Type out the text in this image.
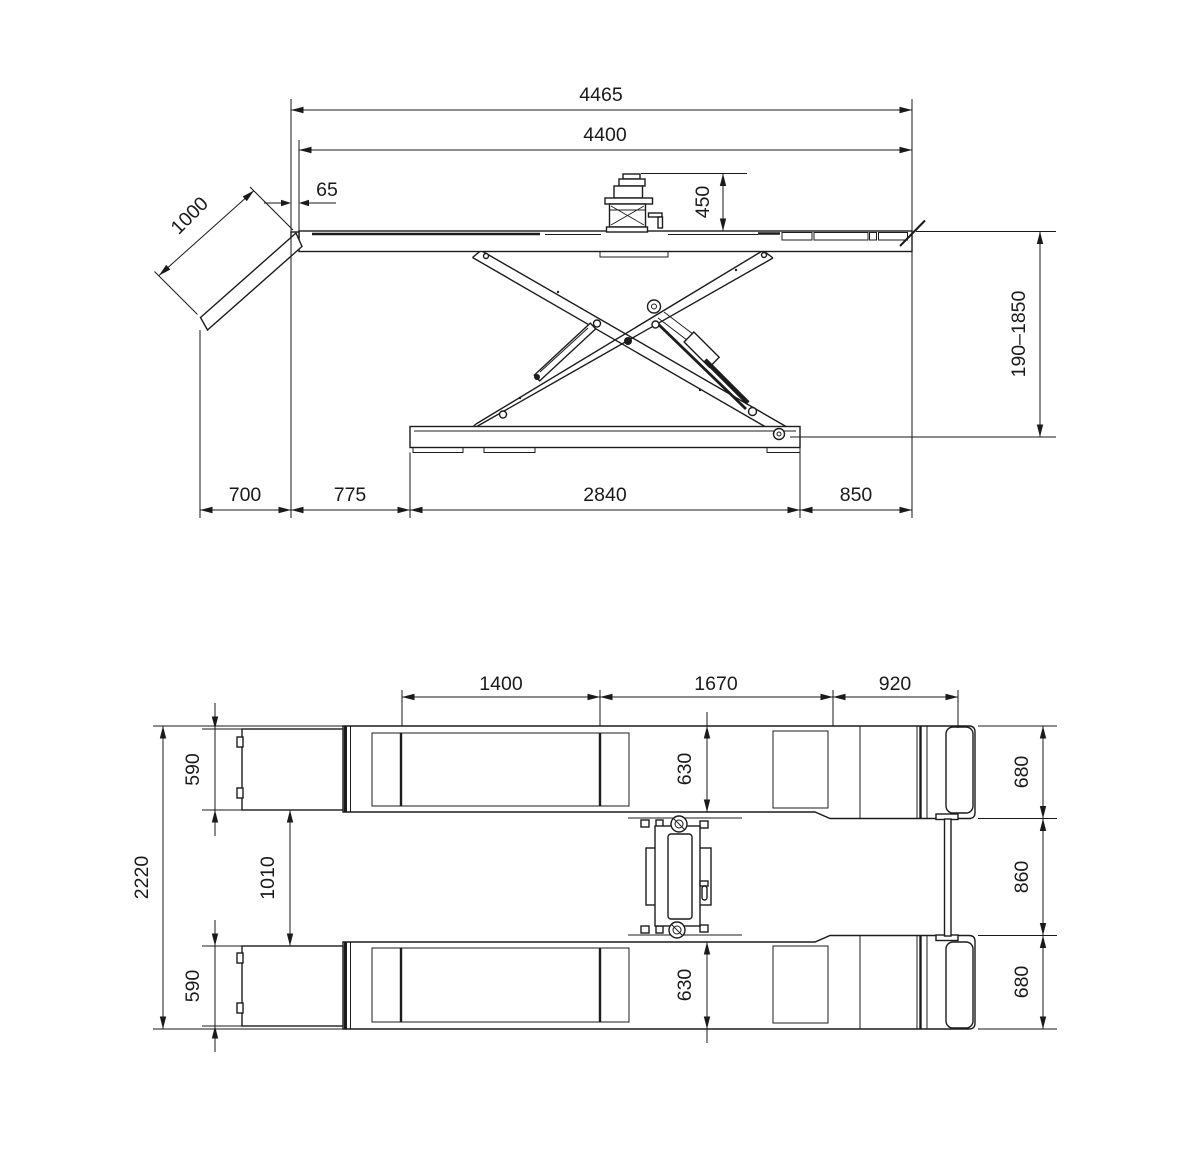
4465
4400
65	450
1000
190–1850
700	775	2840	850
1400	1670	920
2220
590
590
1010
630
630
680
860
680
